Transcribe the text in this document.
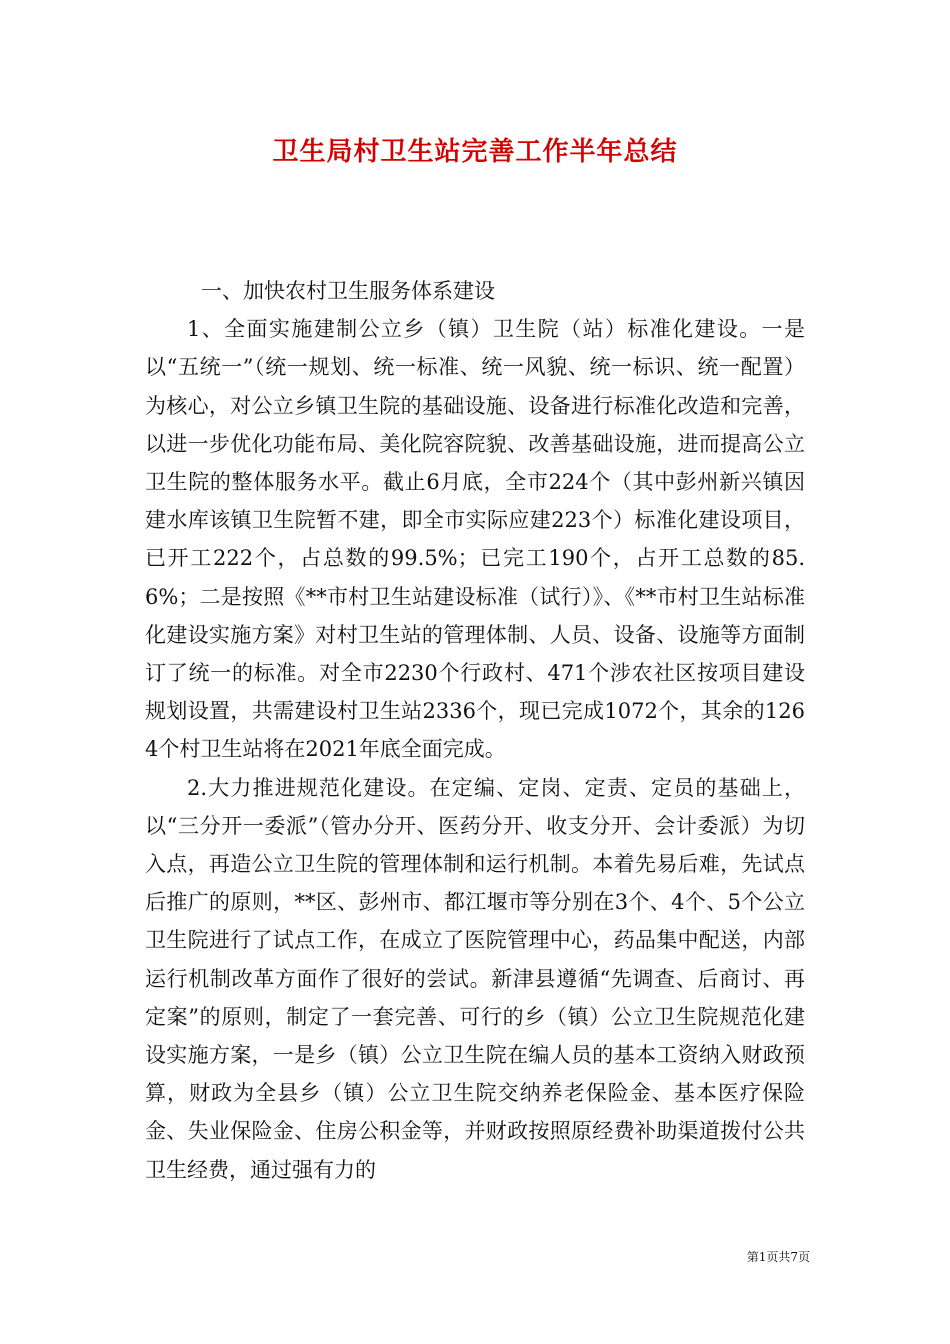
卫生局村卫生站完善工作半年总结

一、加快农村卫生服务体系建设

1、全面实施建制公立乡（镇）卫生院（站）标准化建设。一是以“五统一”（统一规划、统一标准、统一风貌、统一标识、统一配置）为核心，对公立乡镇卫生院的基础设施、设备进行标准化改造和完善，以进一步优化功能布局、美化院容院貌、改善基础设施，进而提高公立卫生院的整体服务水平。截止6月底，全市224个（其中彭州新兴镇因建水库该镇卫生院暂不建，即全市实际应建223个）标准化建设项目，已开工222个，占总数的99.5%；已完工190个，占开工总数的85.6%；二是按照《**市村卫生站建设标准（试行）》、《**市村卫生站标准化建设实施方案》对村卫生站的管理体制、人员、设备、设施等方面制订了统一的标准。对全市2230个行政村、471个涉农社区按项目建设规划设置，共需建设村卫生站2336个，现已完成1072个，其余的1264个村卫生站将在2021年底全面完成。

2.大力推进规范化建设。在定编、定岗、定责、定员的基础上，以“三分开一委派”（管办分开、医药分开、收支分开、会计委派）为切入点，再造公立卫生院的管理体制和运行机制。本着先易后难，先试点后推广的原则，**区、彭州市、都江堰市等分别在3个、4个、5个公立卫生院进行了试点工作，在成立了医院管理中心，药品集中配送，内部运行机制改革方面作了很好的尝试。新津县遵循“先调查、后商讨、再定案”的原则，制定了一套完善、可行的乡（镇）公立卫生院规范化建设实施方案，一是乡（镇）公立卫生院在编人员的基本工资纳入财政预算，财政为全县乡（镇）公立卫生院交纳养老保险金、基本医疗保险金、失业保险金、住房公积金等，并财政按照原经费补助渠道拨付公共卫生经费，通过强有力的

第1页共7页
